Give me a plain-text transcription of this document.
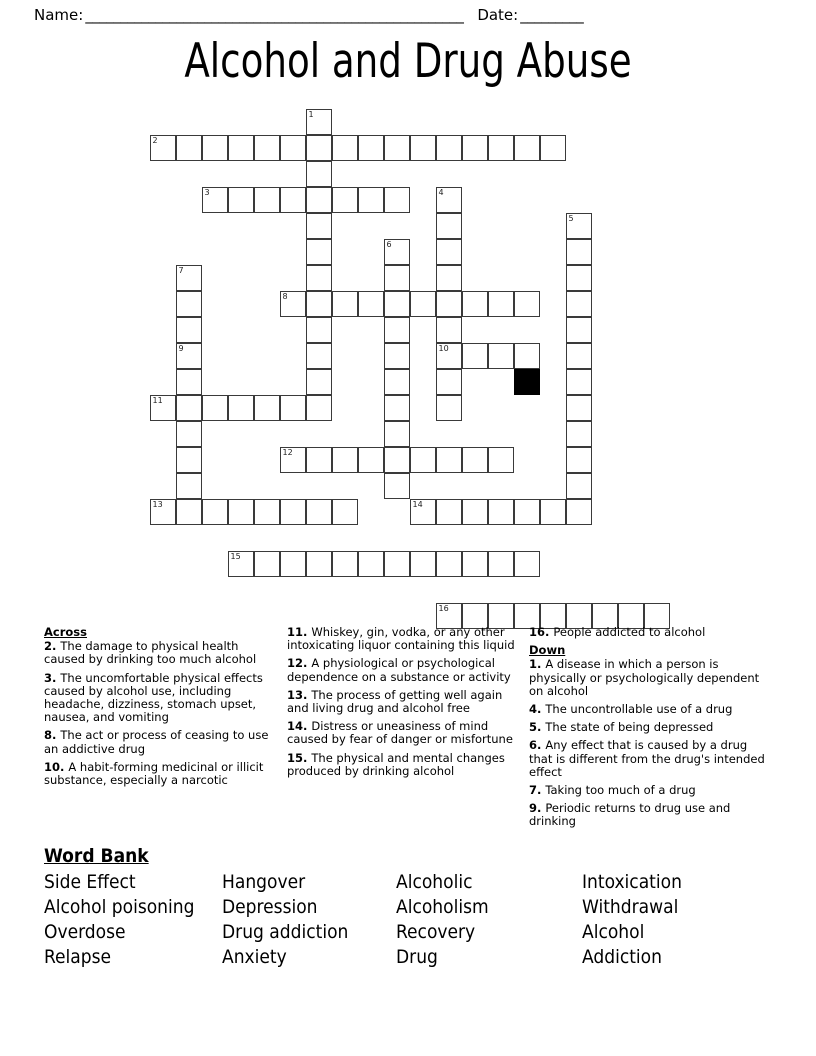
Name: ______________________________________________________ Date: _________
Alcohol and Drug Abuse
1
2
3	4
10
5
6
7
9
8
11
12
13	14
15
16
Across
2. The damage to physical health caused by drinking too much alcohol
3. The uncomfortable physical effects caused by alcohol use, including headache, dizziness, stomach upset, nausea, and vomiting
8. The act or process of ceasing to use an addictive drug
10. A habit-forming medicinal or illicit substance, especially a narcotic
11. Whiskey, gin, vodka, or any other intoxicating liquor containing this liquid
12. A physiological or psychological dependence on a substance or activity
13. The process of getting well again and living drug and alcohol free
14. Distress or uneasiness of mind caused by fear of danger or misfortune
15. The physical and mental changes produced by drinking alcohol
16. People addicted to alcohol
Down
1. A disease in which a person is physically or psychologically dependent on alcohol
4. The uncontrollable use of a drug
5. The state of being depressed
6. Any effect that is caused by a drug that is different from the drug's intended effect
7. Taking too much of a drug
9. Periodic returns to drug use and drinking
Word Bank
Side Effect	Hangover	Alcoholic	Intoxication
Alcohol poisoning	Depression	Alcoholism	Withdrawal
Overdose	Drug addiction	Recovery	Alcohol
Relapse	Anxiety	Drug	Addiction
